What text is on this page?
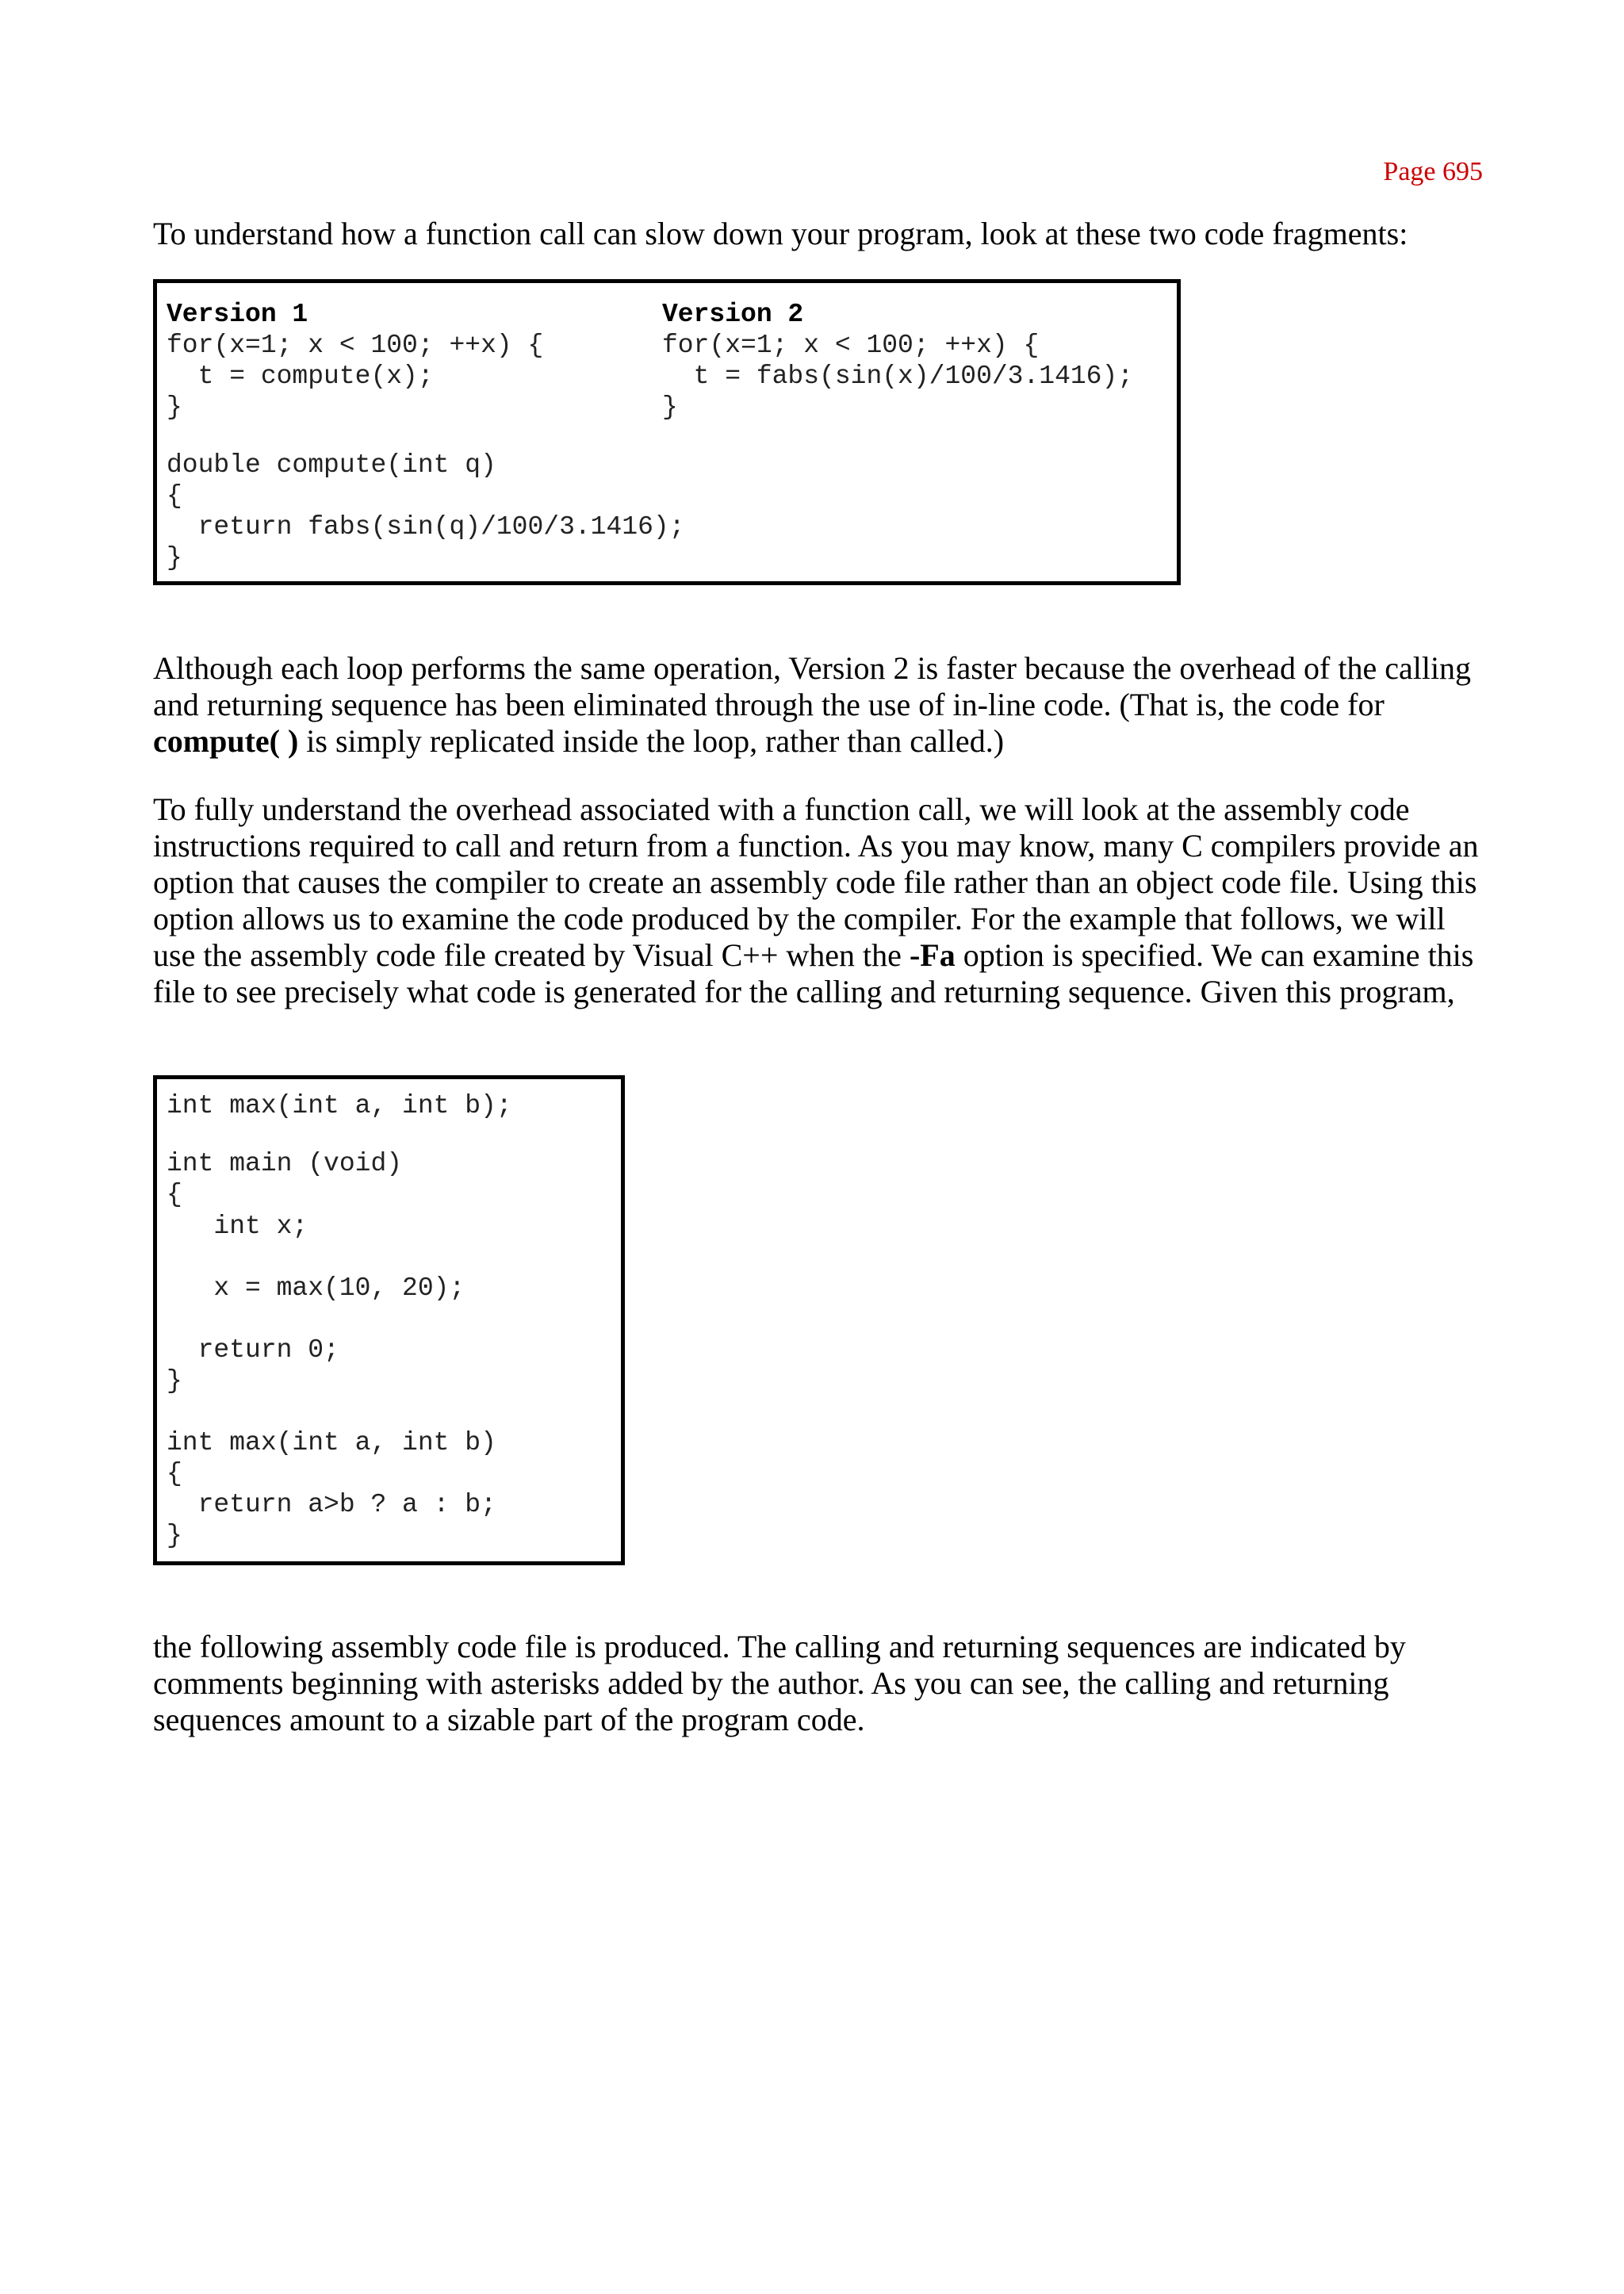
Page 695

To understand how a function call can slow down your program, look at these two code fragments:

Version 1
for(x=1; x < 100; ++x) {
t = compute(x);
}
Version 2
for(x=1; x < 100; ++x) {
t = fabs(sin(x)/100/3.1416);
}
double compute(int q)
{
return fabs(sin(q)/100/3.1416);
}

Although each loop performs the same operation, Version 2 is faster because the overhead of the calling and returning sequence has been eliminated through the use of in-line code. (That is, the code for compute( ) is simply replicated inside the loop, rather than called.)

To fully understand the overhead associated with a function call, we will look at the assembly code instructions required to call and return from a function. As you may know, many C compilers provide an option that causes the compiler to create an assembly code file rather than an object code file. Using this option allows us to examine the code produced by the compiler. For the example that follows, we will use the assembly code file created by Visual C++ when the -Fa option is specified. We can examine this file to see precisely what code is generated for the calling and returning sequence. Given this program,

int max(int a, int b);
int main (void)
{
int x;
x = max(10, 20);
return 0;
}
int max(int a, int b)
{
return a>b ? a : b;
}

the following assembly code file is produced. The calling and returning sequences are indicated by comments beginning with asterisks added by the author. As you can see, the calling and returning sequences amount to a sizable part of the program code.
